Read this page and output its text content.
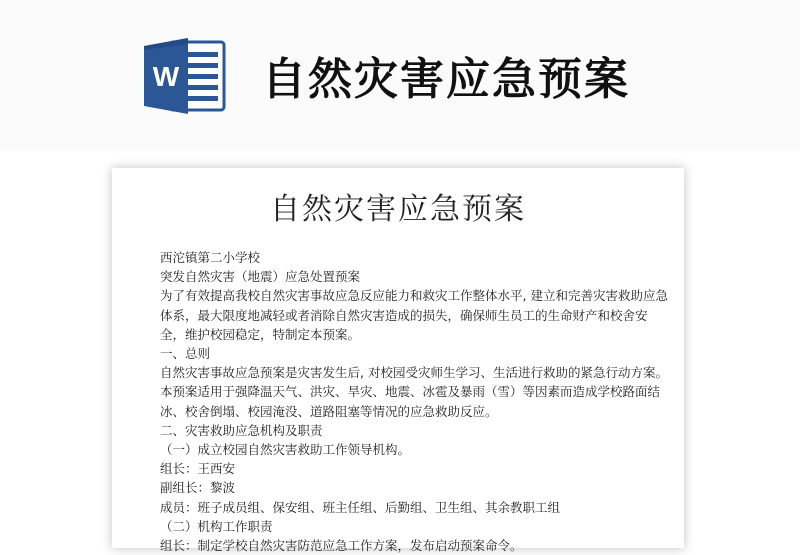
W 自然灾害应急预案
自然灾害应急预案

西沱镇第二小学校

突发自然灾害（地震）应急处置预案

为了有效提高我校自然灾害事故应急反应能力和救灾工作整体水平, 建立和完善灾害救助应急体系，最大限度地减轻或者消除自然灾害造成的损失，确保师生员工的生命财产和校舍安全，维护校园稳定，特制定本预案。

一、总则

自然灾害事故应急预案是灾害发生后, 对校园受灾师生学习、生活进行救助的紧急行动方案。本预案适用于强降温天气、洪灾、旱灾、地震、冰雹及暴雨（雪）等因素而造成学校路面结冰、校舍倒塌、校园淹没、道路阻塞等情况的应急救助反应。

二、灾害救助应急机构及职责

（一）成立校园自然灾害救助工作领导机构。

组长：王西安

副组长：黎波

成员：班子成员组、保安组、班主任组、后勤组、卫生组、其余教职工组

（二）机构工作职责

组长：制定学校自然灾害防范应急工作方案，发布启动预案命令。
